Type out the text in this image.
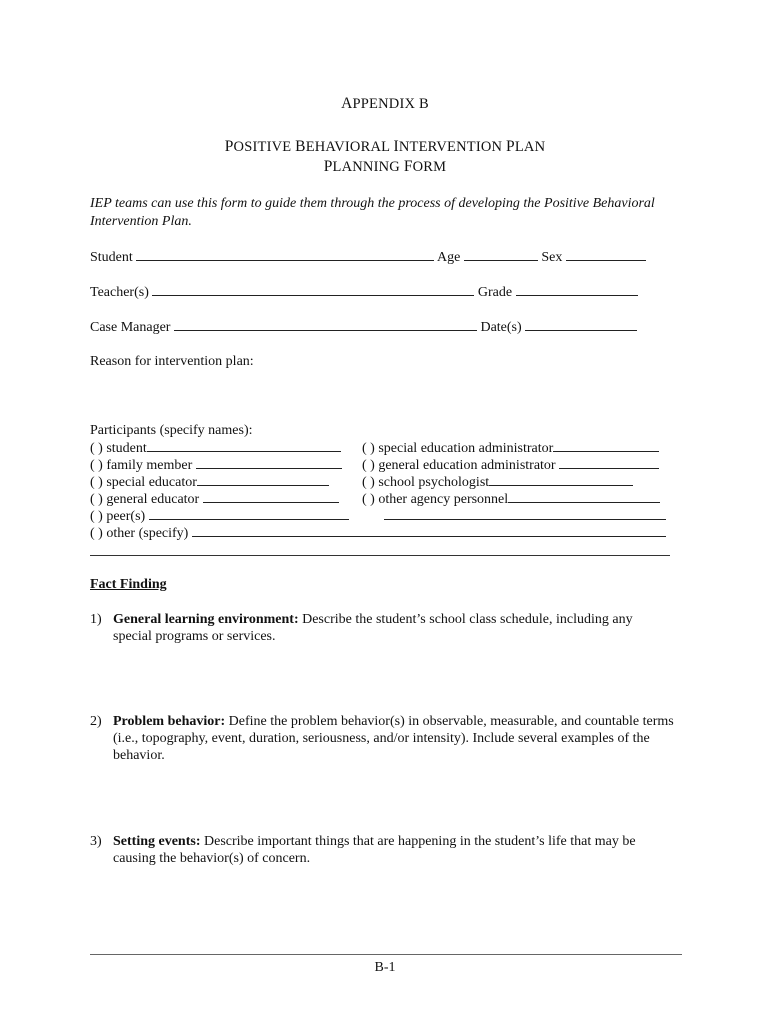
APPENDIX B
POSITIVE BEHAVIORAL INTERVENTION PLAN
PLANNING FORM
IEP teams can use this form to guide them through the process of developing the Positive Behavioral Intervention Plan.
Student	Age	Sex
Teacher(s)	Grade
Case Manager	Date(s)
Reason for intervention plan:
Participants (specify names):
( ) student
( ) family member
( ) special educator
( ) general educator
( ) peer(s)
( ) special education administrator
( ) general education administrator
( ) school psychologist
( ) other agency personnel
( ) other (specify)
Fact Finding
1) General learning environment: Describe the student’s school class schedule, including any special programs or services.
2) Problem behavior: Define the problem behavior(s) in observable, measurable, and countable terms (i.e., topography, event, duration, seriousness, and/or intensity). Include several examples of the behavior.
3) Setting events: Describe important things that are happening in the student’s life that may be causing the behavior(s) of concern.
B-1
